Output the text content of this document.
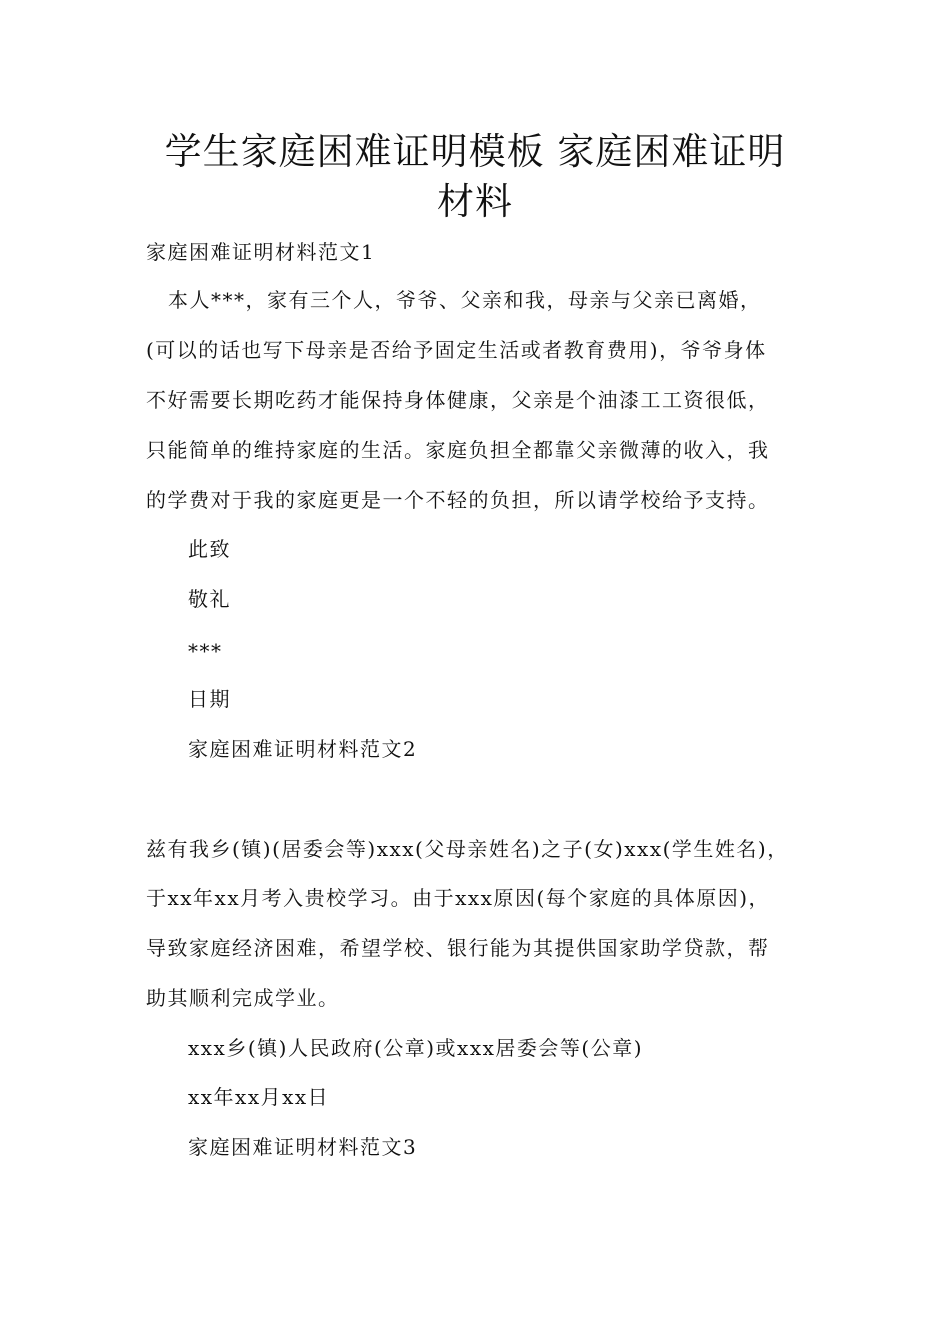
学生家庭困难证明模板 家庭困难证明
材料
家庭困难证明材料范文1
本人***，家有三个人，爷爷、父亲和我，母亲与父亲已离婚，
(可以的话也写下母亲是否给予固定生活或者教育费用)，爷爷身体
不好需要长期吃药才能保持身体健康，父亲是个油漆工工资很低，
只能简单的维持家庭的生活。家庭负担全都靠父亲微薄的收入，我
的学费对于我的家庭更是一个不轻的负担，所以请学校给予支持。
此致
敬礼
***
日期
家庭困难证明材料范文2
兹有我乡(镇)(居委会等)xxx(父母亲姓名)之子(女)xxx(学生姓名)，
于xx年xx月考入贵校学习。由于xxx原因(每个家庭的具体原因)，
导致家庭经济困难，希望学校、银行能为其提供国家助学贷款，帮
助其顺利完成学业。
xxx乡(镇)人民政府(公章)或xxx居委会等(公章)
xx年xx月xx日
家庭困难证明材料范文3
